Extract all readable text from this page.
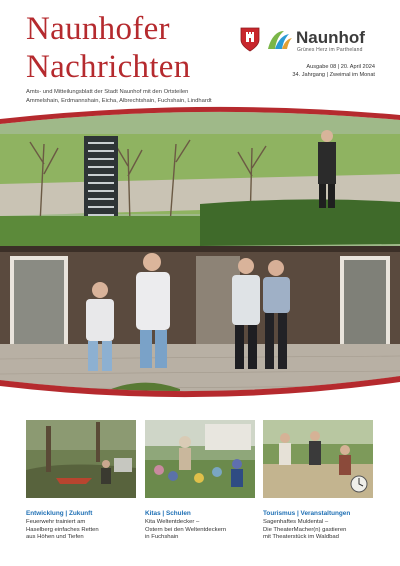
Naunhofer
Nachrichten
Naunhof
Grünes Herz im Partheland
Ausgabe 08 | 20. April 2024
34. Jahrgang | Zweimal im Monat
Amts- und Mitteilungsblatt der Stadt Naunhof mit den Ortsteilen
Ammelshain, Erdmannshain, Eicha, Albrechtshain, Fuchshain, Lindhardt
Entwicklung | Zukunft
Feuerwehr trainiert am
Haselberg einfaches Retten
aus Höhen und Tiefen
Kitas | Schulen
Kita Weltentdecker –
Ostern bei den Weltentdeckern
in Fuchshain
Tourismus | Veranstaltungen
Sagenhaftes Muldental –
Die TheaterMacher(n) gastieren
mit Theaterstück im Waldbad
